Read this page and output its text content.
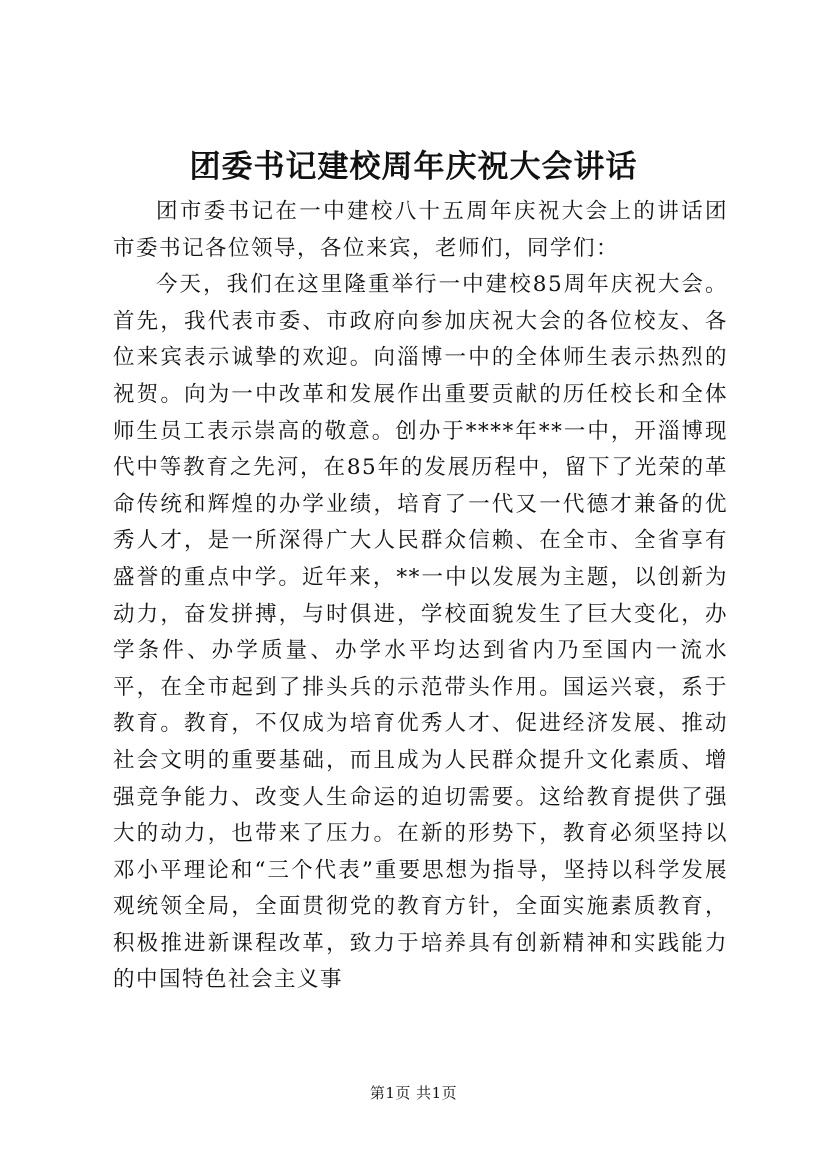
团委书记建校周年庆祝大会讲话

团市委书记在一中建校八十五周年庆祝大会上的讲话团市委书记各位领导，各位来宾，老师们，同学们：

今天，我们在这里隆重举行一中建校85周年庆祝大会。首先，我代表市委、市政府向参加庆祝大会的各位校友、各位来宾表示诚挚的欢迎。向淄博一中的全体师生表示热烈的祝贺。向为一中改革和发展作出重要贡献的历任校长和全体师生员工表示崇高的敬意。创办于****年**一中，开淄博现代中等教育之先河，在85年的发展历程中，留下了光荣的革命传统和辉煌的办学业绩，培育了一代又一代德才兼备的优秀人才，是一所深得广大人民群众信赖、在全市、全省享有盛誉的重点中学。近年来，**一中以发展为主题，以创新为动力，奋发拼搏，与时俱进，学校面貌发生了巨大变化，办学条件、办学质量、办学水平均达到省内乃至国内一流水平，在全市起到了排头兵的示范带头作用。国运兴衰，系于教育。教育，不仅成为培育优秀人才、促进经济发展、推动社会文明的重要基础，而且成为人民群众提升文化素质、增强竞争能力、改变人生命运的迫切需要。这给教育提供了强大的动力，也带来了压力。在新的形势下，教育必须坚持以邓小平理论和“三个代表”重要思想为指导，坚持以科学发展观统领全局，全面贯彻党的教育方针，全面实施素质教育，积极推进新课程改革，致力于培养具有创新精神和实践能力的中国特色社会主义事

第1页 共1页
